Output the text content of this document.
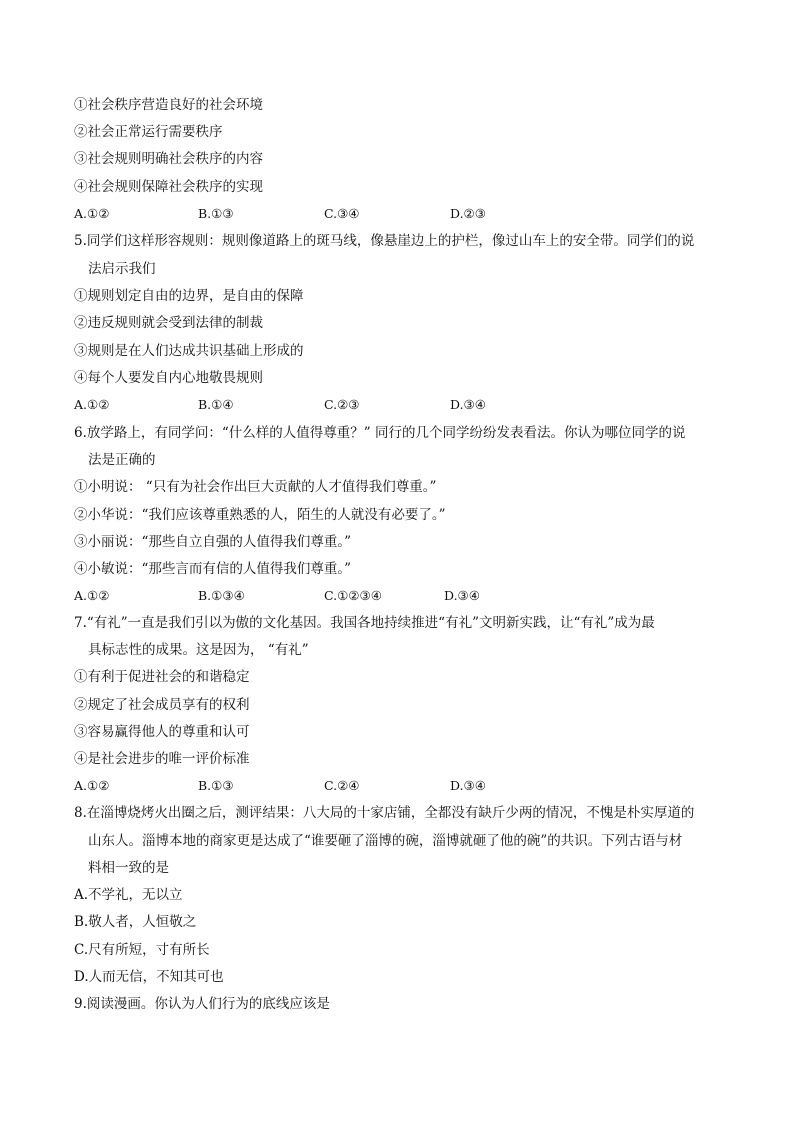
①社会秩序营造良好的社会环境
②社会正常运行需要秩序
③社会规则明确社会秩序的内容
④社会规则保障社会秩序的实现
A.①②	B.①③	C.③④	D.②③
5.同学们这样形容规则：规则像道路上的斑马线，像悬崖边上的护栏，像过山车上的安全带。同学们的说
法启示我们
①规则划定自由的边界，是自由的保障
②违反规则就会受到法律的制裁
③规则是在人们达成共识基础上形成的
④每个人要发自内心地敬畏规则
A.①②	B.①④	C.②③	D.③④
6.放学路上，有同学问：“什么样的人值得尊重？” 同行的几个同学纷纷发表看法。你认为哪位同学的说
法是正确的
①小明说： “只有为社会作出巨大贡献的人才值得我们尊重。”
②小华说：“我们应该尊重熟悉的人，陌生的人就没有必要了。”
③小丽说：“那些自立自强的人值得我们尊重。”
④小敏说：“那些言而有信的人值得我们尊重。”
A.①②	B.①③④	C.①②③④	D.③④
7.“有礼”一直是我们引以为傲的文化基因。我国各地持续推进“有礼”文明新实践，让“有礼”成为最
具标志性的成果。这是因为， “有礼”
①有利于促进社会的和谐稳定
②规定了社会成员享有的权利
③容易赢得他人的尊重和认可
④是社会进步的唯一评价标准
A.①②	B.①③	C.②④	D.③④
8.在淄博烧烤火出圈之后，测评结果：八大局的十家店铺，全都没有缺斤少两的情况，不愧是朴实厚道的
山东人。淄博本地的商家更是达成了“谁要砸了淄博的碗，淄博就砸了他的碗”的共识。下列古语与材
料相一致的是
A.不学礼，无以立
B.敬人者，人恒敬之
C.尺有所短，寸有所长
D.人而无信，不知其可也
9.阅读漫画。你认为人们行为的底线应该是
